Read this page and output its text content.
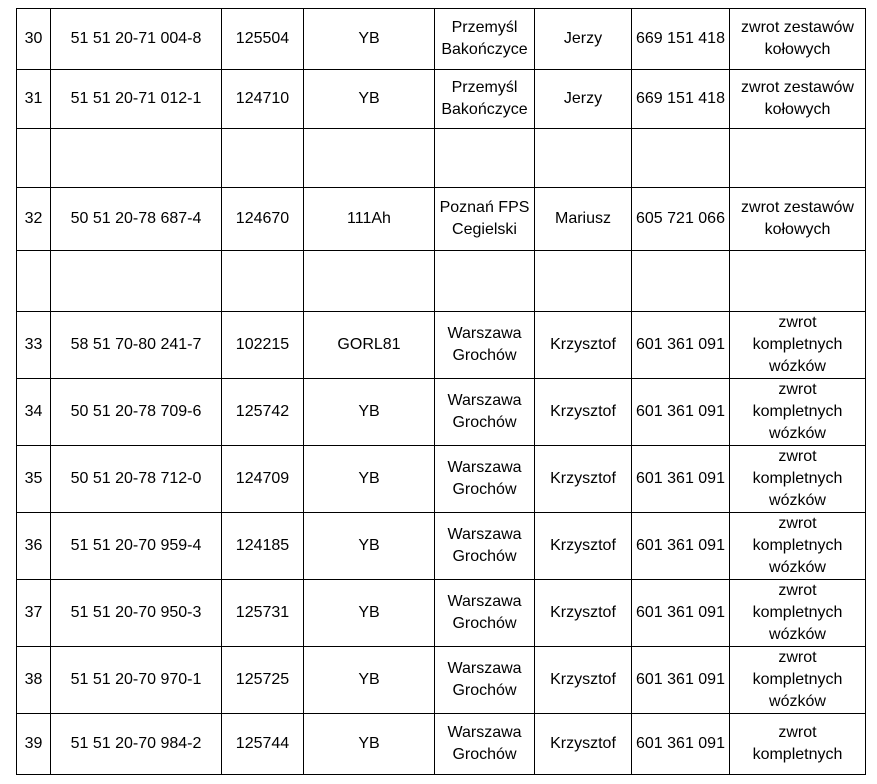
30	51 51 20-71 004-8	125504	YB	Przemyśl Bakończyce	Jerzy	669 151 418	zwrot zestawów kołowych
31	51 51 20-71 012-1	124710	YB	Przemyśl Bakończyce	Jerzy	669 151 418	zwrot zestawów kołowych

32	50 51 20-78 687-4	124670	111Ah	Poznań FPS Cegielski	Mariusz	605 721 066	zwrot zestawów kołowych

33	58 51 70-80 241-7	102215	GORL81	Warszawa Grochów	Krzysztof	601 361 091	zwrot kompletnych wózków
34	50 51 20-78 709-6	125742	YB	Warszawa Grochów	Krzysztof	601 361 091	zwrot kompletnych wózków
35	50 51 20-78 712-0	124709	YB	Warszawa Grochów	Krzysztof	601 361 091	zwrot kompletnych wózków
36	51 51 20-70 959-4	124185	YB	Warszawa Grochów	Krzysztof	601 361 091	zwrot kompletnych wózków
37	51 51 20-70 950-3	125731	YB	Warszawa Grochów	Krzysztof	601 361 091	zwrot kompletnych wózków
38	51 51 20-70 970-1	125725	YB	Warszawa Grochów	Krzysztof	601 361 091	zwrot kompletnych wózków
39	51 51 20-70 984-2	125744	YB	Warszawa Grochów	Krzysztof	601 361 091	zwrot kompletnych
